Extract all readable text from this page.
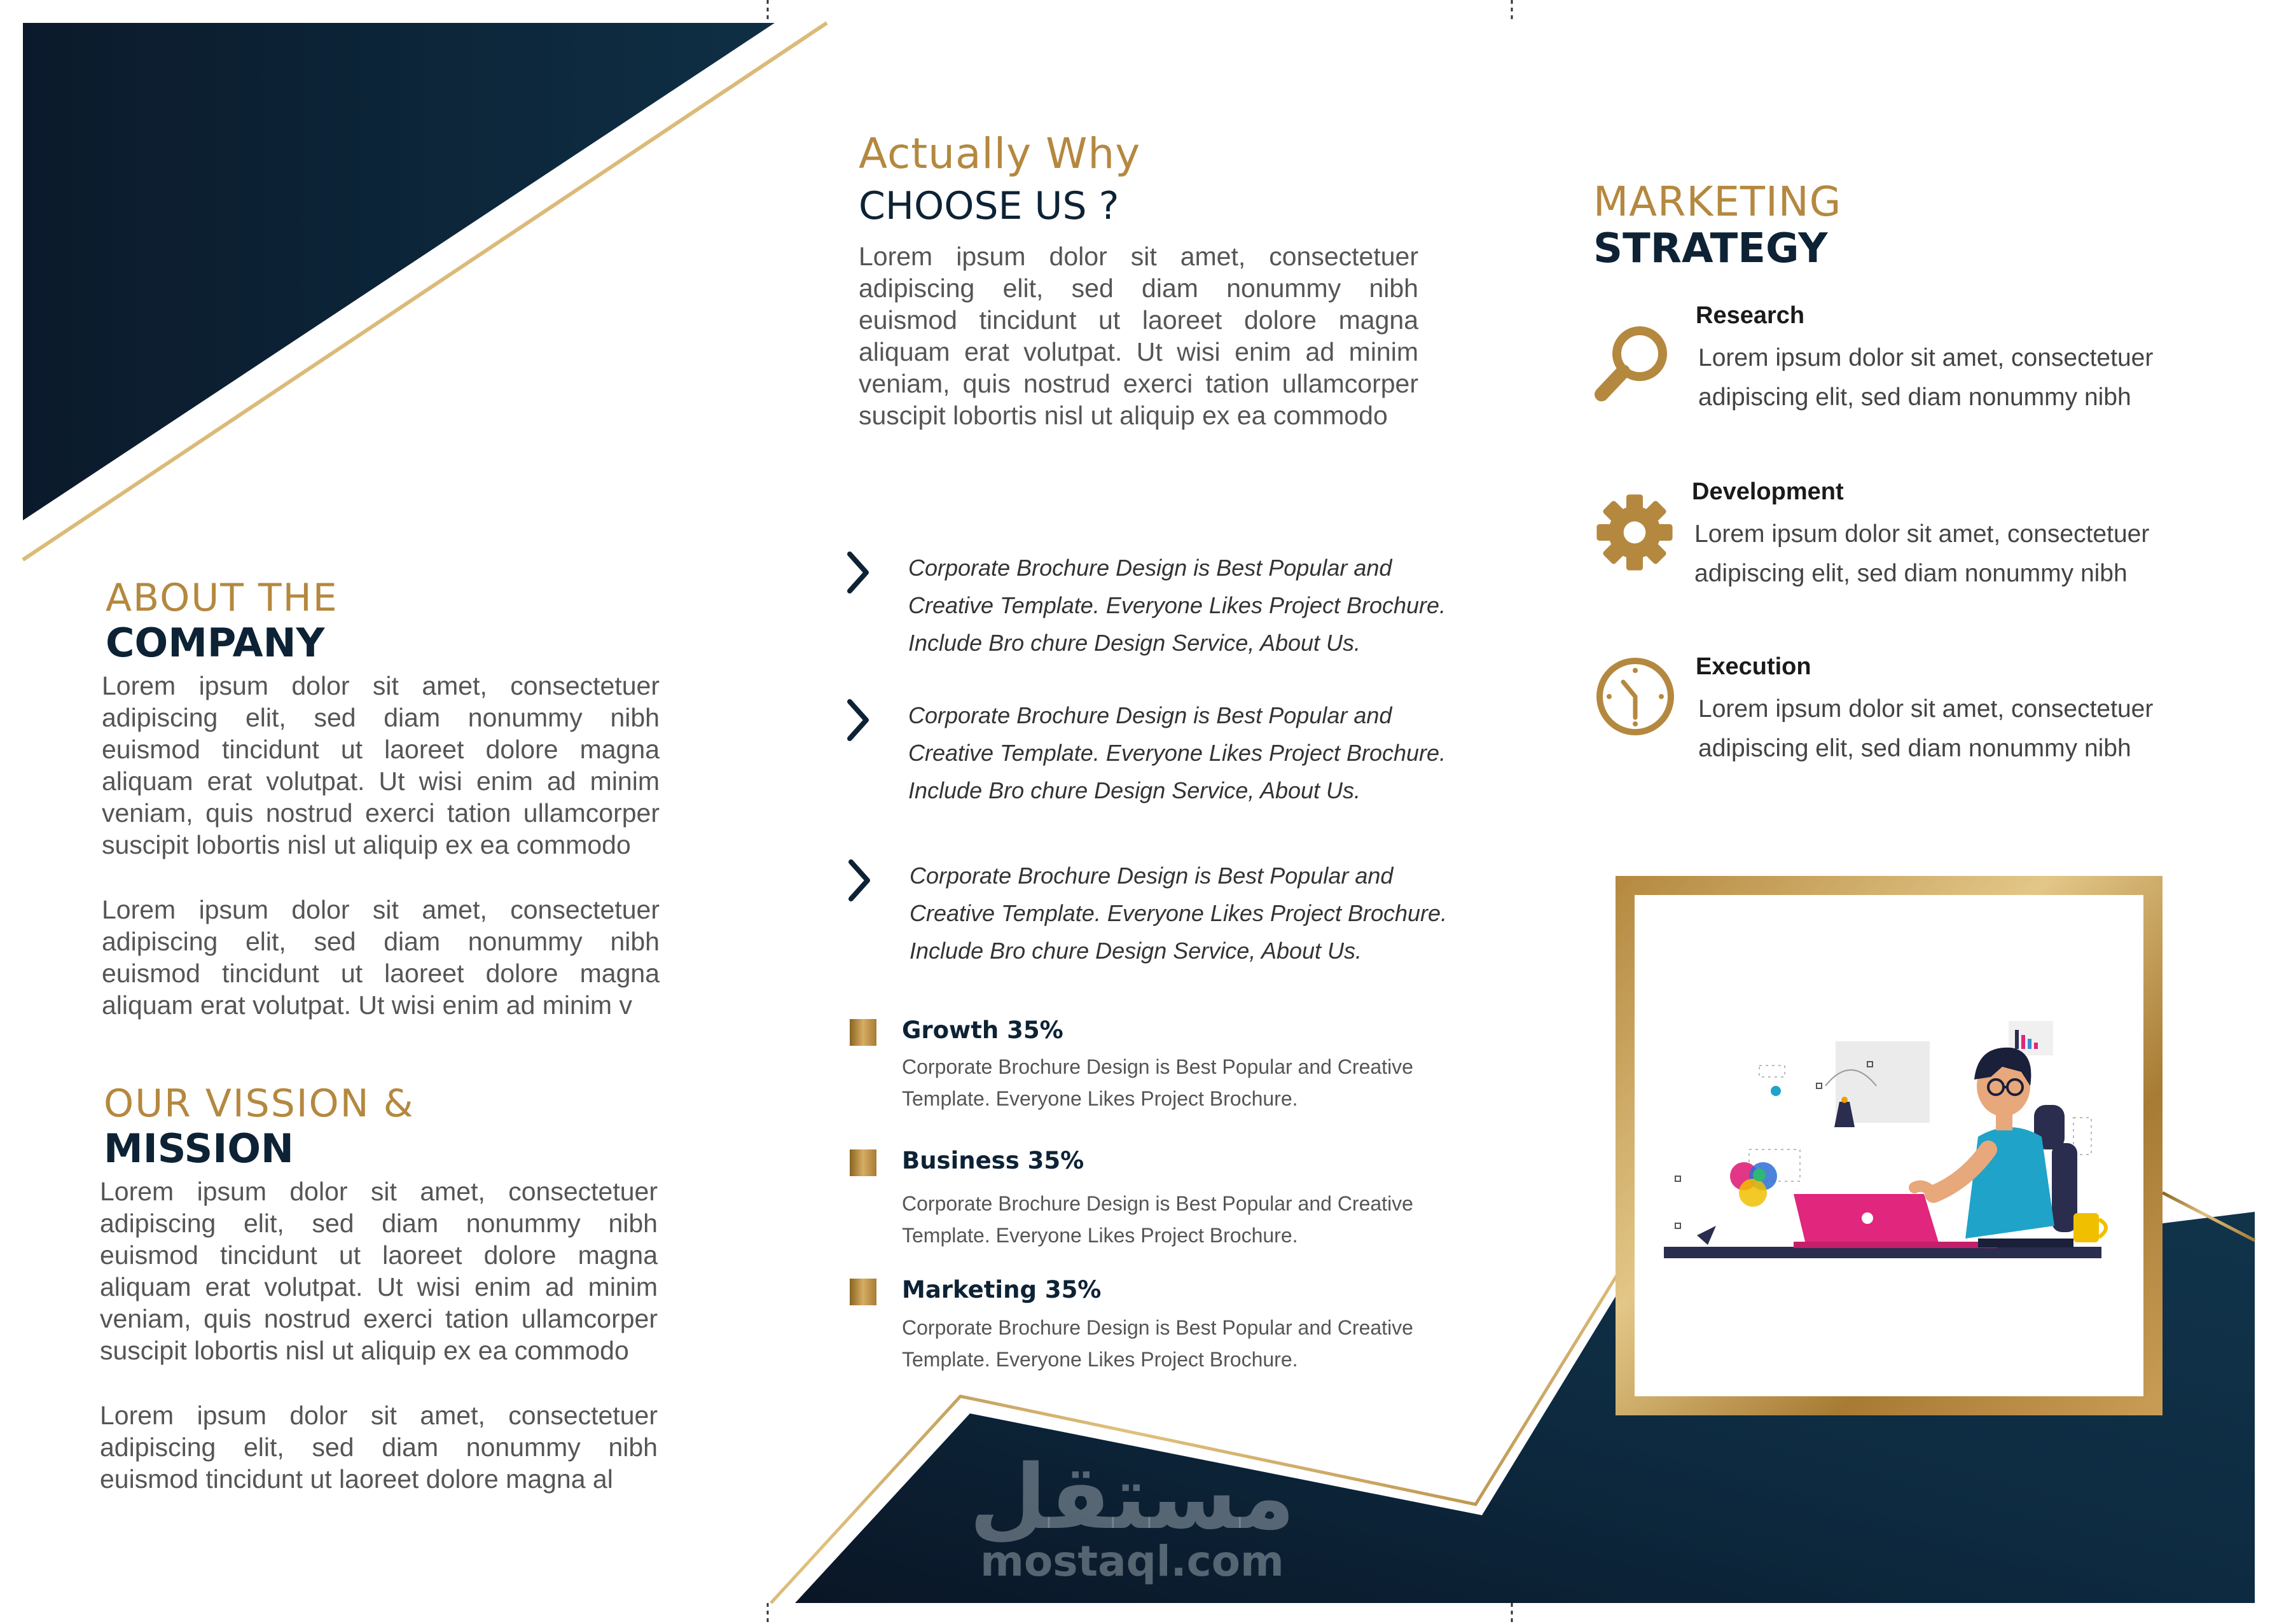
ABOUT THE
COMPANY

Lorem ipsum dolor sit amet, consectetuer adipiscing elit, sed diam nonummy nibh euismod tincidunt ut laoreet dolore magna aliquam erat volutpat. Ut wisi enim ad minim veniam, quis nostrud exerci tation ullamcorper suscipit lobortis nisl ut aliquip ex ea commodo

Lorem ipsum dolor sit amet, consectetuer adipiscing elit, sed diam nonummy nibh euismod tincidunt ut laoreet dolore magna aliquam erat volutpat. Ut wisi enim ad minim v

OUR VISSION &
MISSION

Lorem ipsum dolor sit amet, consectetuer adipiscing elit, sed diam nonummy nibh euismod tincidunt ut laoreet dolore magna aliquam erat volutpat. Ut wisi enim ad minim veniam, quis nostrud exerci tation ullamcorper suscipit lobortis nisl ut aliquip ex ea commodo

Lorem ipsum dolor sit amet, consectetuer adipiscing elit, sed diam nonummy nibh euismod tincidunt ut laoreet dolore magna al

Actually Why
CHOOSE US ?

Lorem ipsum dolor sit amet, consectetuer adipiscing elit, sed diam nonummy nibh euismod tincidunt ut laoreet dolore magna aliquam erat volutpat. Ut wisi enim ad minim veniam, quis nostrud exerci tation ullamcorper suscipit lobortis nisl ut aliquip ex ea commodo

Corporate Brochure Design is Best Popular and Creative Template. Everyone Likes Project Brochure. Include Bro chure Design Service, About Us.

Corporate Brochure Design is Best Popular and Creative Template. Everyone Likes Project Brochure. Include Bro chure Design Service, About Us.

Corporate Brochure Design is Best Popular and Creative Template. Everyone Likes Project Brochure. Include Bro chure Design Service, About Us.

Growth 35%

Corporate Brochure Design is Best Popular and Creative Template. Everyone Likes Project Brochure.

Business 35%

Corporate Brochure Design is Best Popular and Creative Template. Everyone Likes Project Brochure.

Marketing 35%

Corporate Brochure Design is Best Popular and Creative Template. Everyone Likes Project Brochure.

مستقل
mostaql.com
MARKETING
STRATEGY

Research

Lorem ipsum dolor sit amet, consectetuer adipiscing elit, sed diam nonummy nibh

Development

Lorem ipsum dolor sit amet, consectetuer adipiscing elit, sed diam nonummy nibh

Execution

Lorem ipsum dolor sit amet, consectetuer adipiscing elit, sed diam nonummy nibh
